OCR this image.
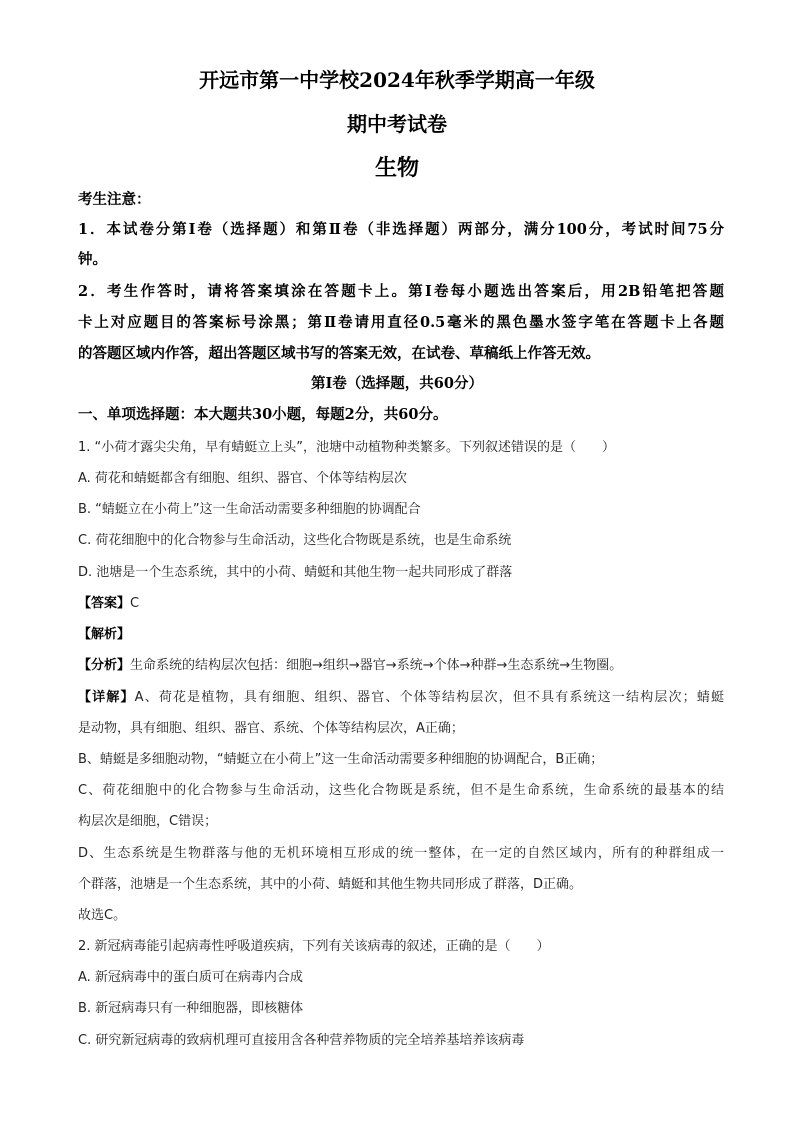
开远市第一中学校2024年秋季学期高一年级
期中考试卷
生物
考生注意：
1．本试卷分第Ⅰ卷（选择题）和第Ⅱ卷（非选择题）两部分，满分100分，考试时间75分
钟。
2．考生作答时，请将答案填涂在答题卡上。第Ⅰ卷每小题选出答案后，用2B铅笔把答题
卡上对应题目的答案标号涂黑；第Ⅱ卷请用直径0.5毫米的黑色墨水签字笔在答题卡上各题
的答题区域内作答，超出答题区域书写的答案无效，在试卷、草稿纸上作答无效。
第Ⅰ卷（选择题，共60分）
一、单项选择题：本大题共30小题，每题2分，共60分。
1. “小荷才露尖尖角，早有蜻蜓立上头”，池塘中动植物种类繁多。下列叙述错误的是（　　）
A. 荷花和蜻蜓都含有细胞、组织、器官、个体等结构层次
B. “蜻蜓立在小荷上”这一生命活动需要多种细胞的协调配合
C. 荷花细胞中的化合物参与生命活动，这些化合物既是系统，也是生命系统
D. 池塘是一个生态系统，其中的小荷、蜻蜓和其他生物一起共同形成了群落
【答案】C
【解析】
【分析】生命系统的结构层次包括：细胞→组织→器官→系统→个体→种群→生态系统→生物圈。
【详解】A、荷花是植物，具有细胞、组织、器官、个体等结构层次，但不具有系统这一结构层次；蜻蜓
是动物，具有细胞、组织、器官、系统、个体等结构层次，A正确；
B、蜻蜓是多细胞动物，“蜻蜓立在小荷上”这一生命活动需要多种细胞的协调配合，B正确；
C、荷花细胞中的化合物参与生命活动，这些化合物既是系统，但不是生命系统，生命系统的最基本的结
构层次是细胞，C错误；
D、生态系统是生物群落与他的无机环境相互形成的统一整体，在一定的自然区域内，所有的种群组成一
个群落，池塘是一个生态系统，其中的小荷、蜻蜓和其他生物共同形成了群落，D正确。
故选C。
2. 新冠病毒能引起病毒性呼吸道疾病，下列有关该病毒的叙述，正确的是（　　）
A. 新冠病毒中的蛋白质可在病毒内合成
B. 新冠病毒只有一种细胞器，即核糖体
C. 研究新冠病毒的致病机理可直接用含各种营养物质的完全培养基培养该病毒
